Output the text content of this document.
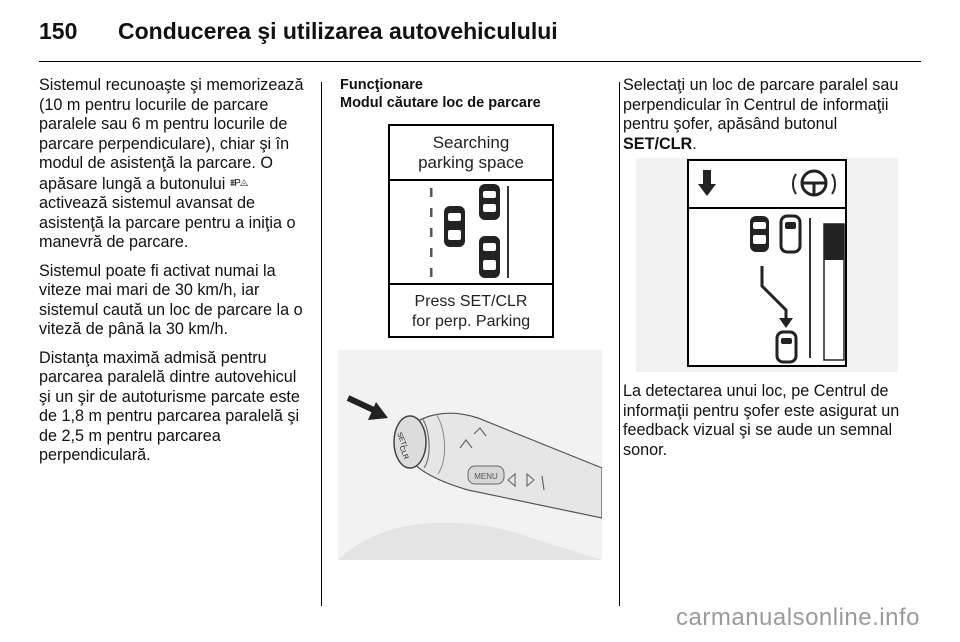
150 Conducerea şi utilizarea autovehiculului

Sistemul recunoaşte şi memorizează (10 m pentru locurile de parcare paralele sau 6 m pentru locurile de parcare perpendiculare), chiar şi în modul de asistenţă la parcare. O apăsare lungă a butonului ⩩P◬ activează sistemul avansat de asistenţă la parcare pentru a iniţia o manevră de parcare.

Sistemul poate fi activat numai la viteze mai mari de 30 km/h, iar sistemul caută un loc de parcare la o viteză de până la 30 km/h.

Distanţa maximă admisă pentru parcarea paralelă dintre autovehicul şi un şir de autoturisme parcate este de 1,8 m pentru parcarea paralelă şi de 2,5 m pentru parcarea perpendiculară.

Funcţionare
Modul căutare loc de parcare
Searching
parking space
Press SET/CLR
for perp. Parking
SET/
CLR
MENU

Selectaţi un loc de parcare paralel sau perpendicular în Centrul de informaţii pentru şofer, apăsând butonul SET/CLR.

La detectarea unui loc, pe Centrul de informaţii pentru şofer este asigurat un feedback vizual şi se aude un semnal sonor.

carmanualsonline.info
